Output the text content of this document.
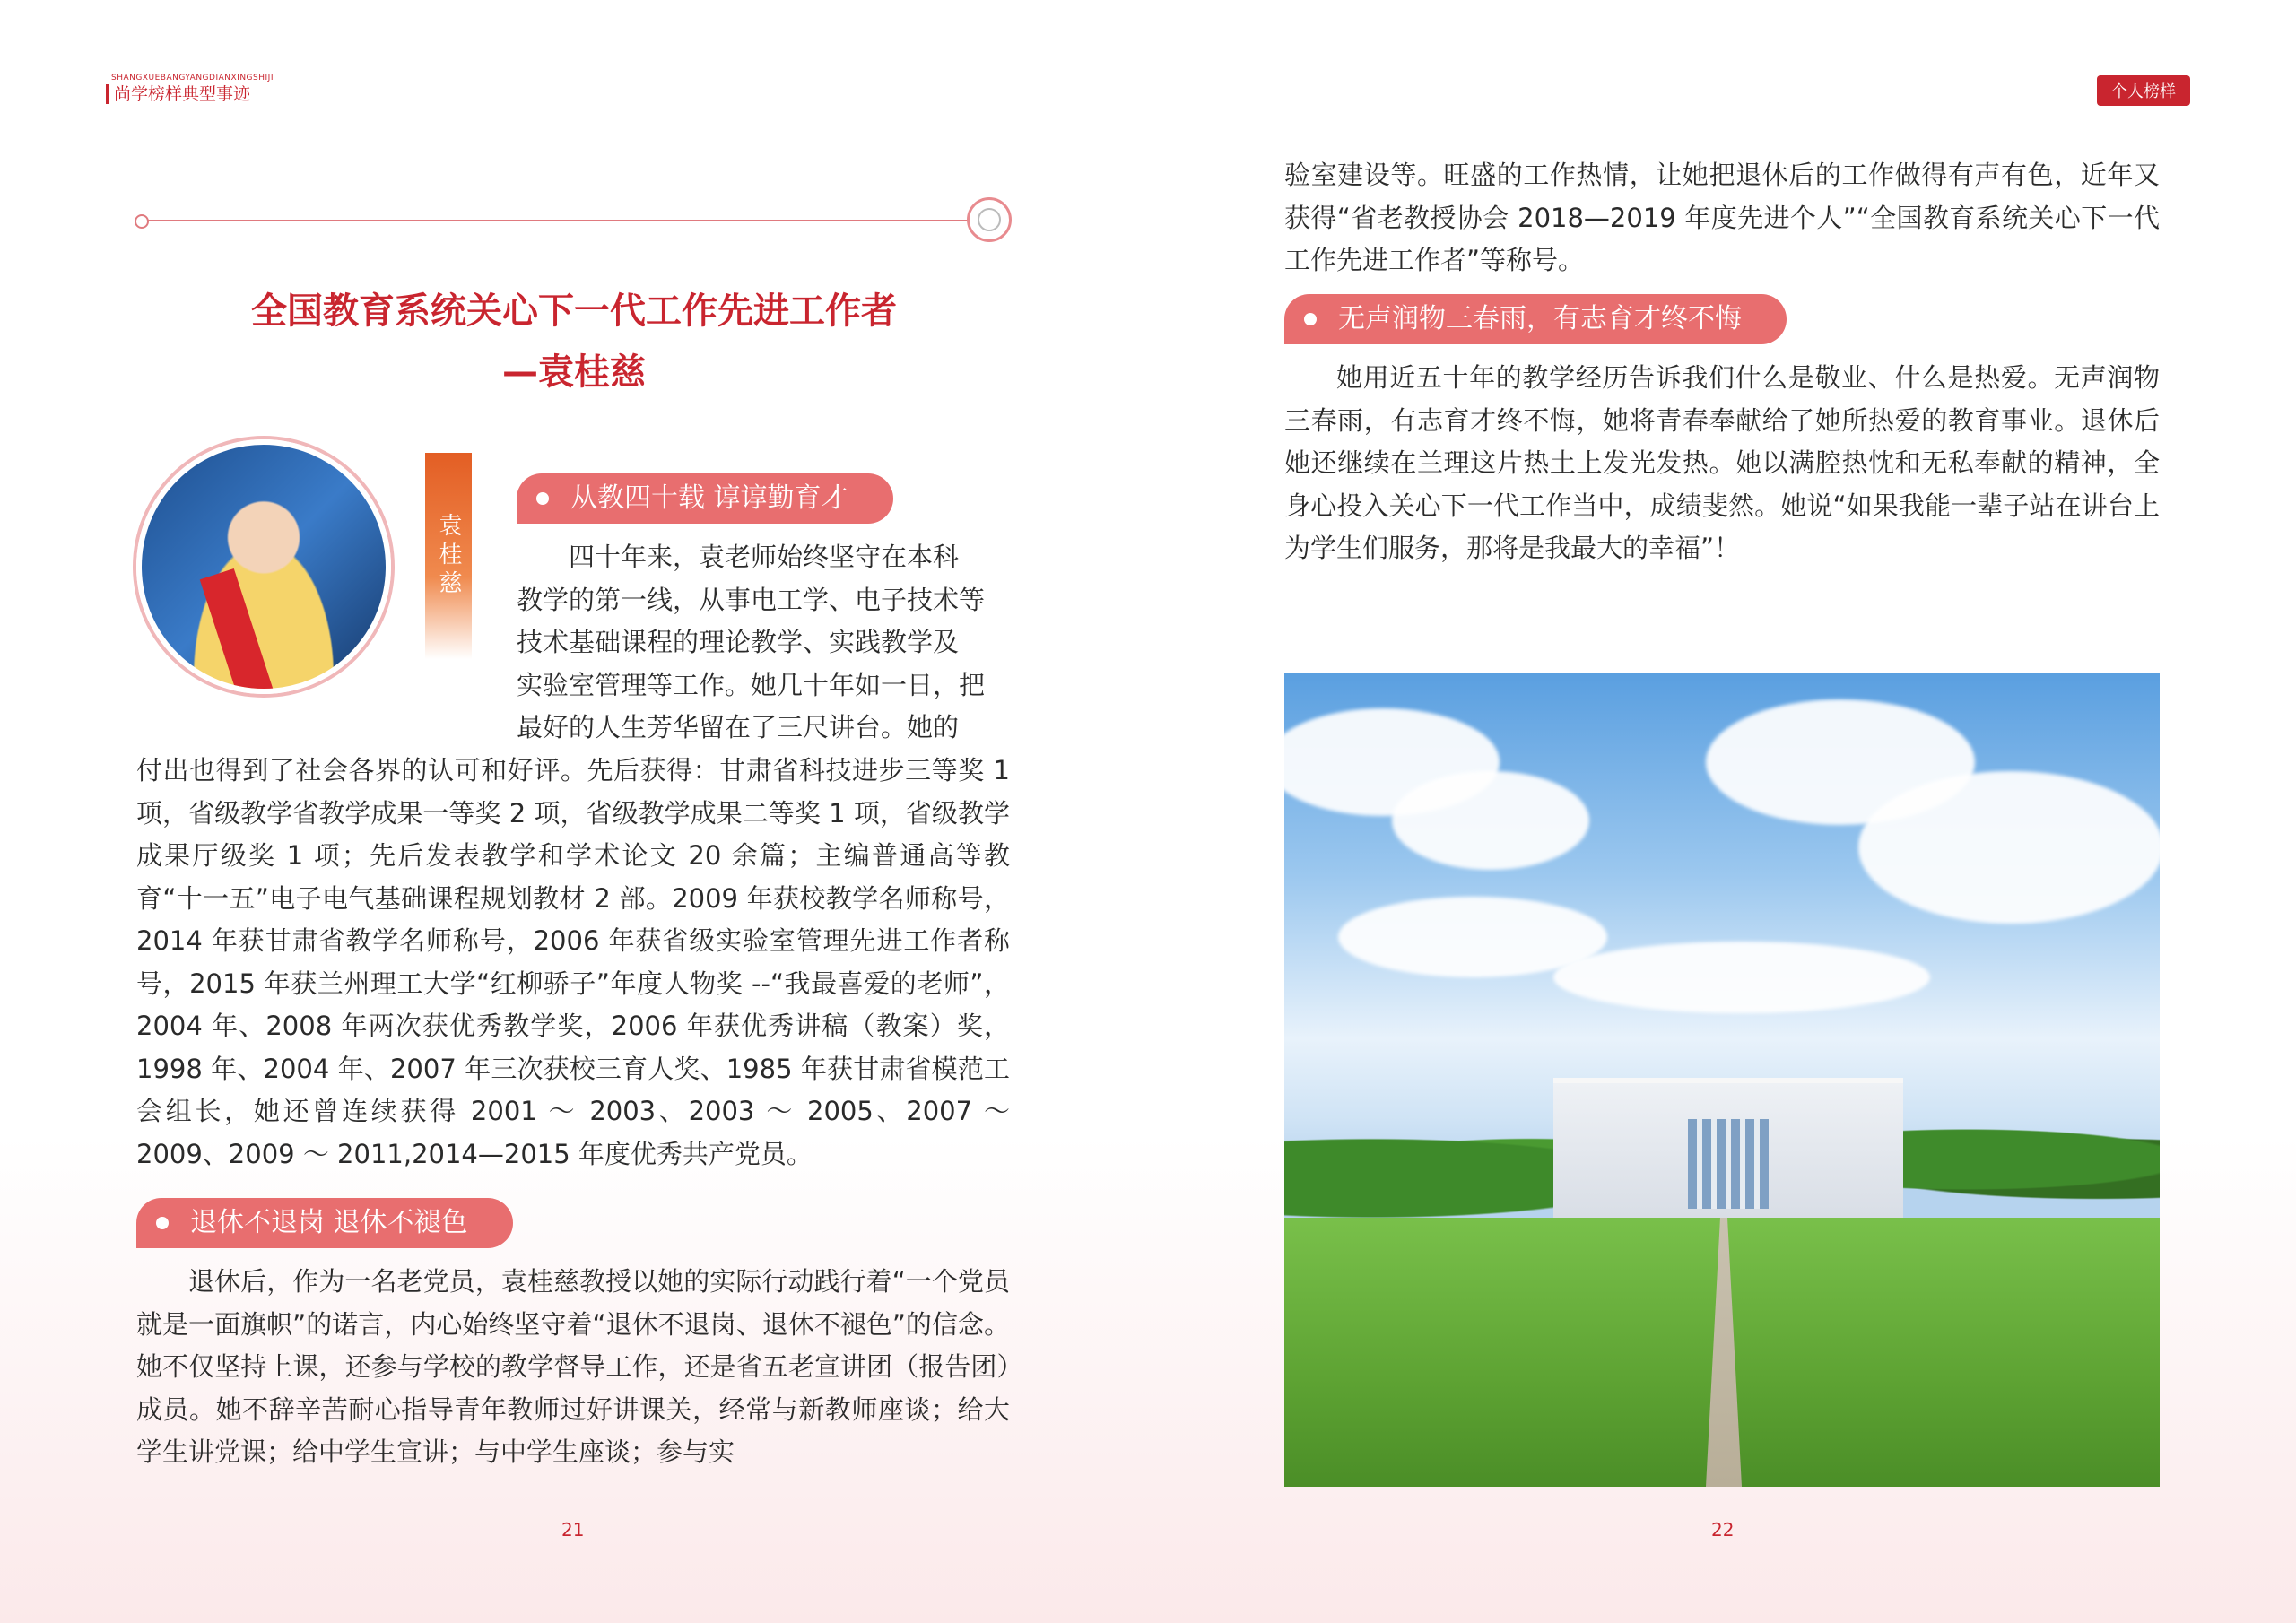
SHANGXUEBANGYANGDIANXINGSHIJI
尚学榜样典型事迹	个人榜样
全国教育系统关心下一代工作先进工作者
—袁桂慈
袁桂慈
从教四十载 谆谆勤育才

四十年来，袁老师始终坚守在本科

教学的第一线，从事电工学、电子技术等

技术基础课程的理论教学、实践教学及

实验室管理等工作。她几十年如一日，把

最好的人生芳华留在了三尺讲台。她的

付出也得到了社会各界的认可和好评。先后获得：甘肃省科技进步三等奖 1 项，省级教学省教学成果一等奖 2 项，省级教学成果二等奖 1 项，省级教学成果厅级奖 1 项；先后发表教学和学术论文 20 余篇；主编普通高等教育“十一五”电子电气基础课程规划教材 2 部。2009 年获校教学名师称号，2014 年获甘肃省教学名师称号，2006 年获省级实验室管理先进工作者称号，2015 年获兰州理工大学“红柳骄子”年度人物奖 --“我最喜爱的老师”，2004 年、2008 年两次获优秀教学奖，2006 年获优秀讲稿（教案）奖，1998 年、2004 年、2007 年三次获校三育人奖、1985 年获甘肃省模范工会组长，她还曾连续获得 2001 ～ 2003、2003 ～ 2005、2007 ～ 2009、2009 ～ 2011,2014—2015 年度优秀共产党员。

退休不退岗 退休不褪色

退休后，作为一名老党员，袁桂慈教授以她的实际行动践行着“一个党员就是一面旗帜”的诺言，内心始终坚守着“退休不退岗、退休不褪色”的信念。她不仅坚持上课，还参与学校的教学督导工作，还是省五老宣讲团（报告团）成员。她不辞辛苦耐心指导青年教师过好讲课关，经常与新教师座谈；给大学生讲党课；给中学生宣讲；与中学生座谈；参与实

21

验室建设等。旺盛的工作热情，让她把退休后的工作做得有声有色，近年又获得“省老教授协会 2018—2019 年度先进个人”“全国教育系统关心下一代工作先进工作者”等称号。

无声润物三春雨，有志育才终不悔

她用近五十年的教学经历告诉我们什么是敬业、什么是热爱。无声润物三春雨，有志育才终不悔，她将青春奉献给了她所热爱的教育事业。退休后她还继续在兰理这片热土上发光发热。她以满腔热忱和无私奉献的精神，全身心投入关心下一代工作当中，成绩斐然。她说“如果我能一辈子站在讲台上为学生们服务，那将是我最大的幸福”！

22
